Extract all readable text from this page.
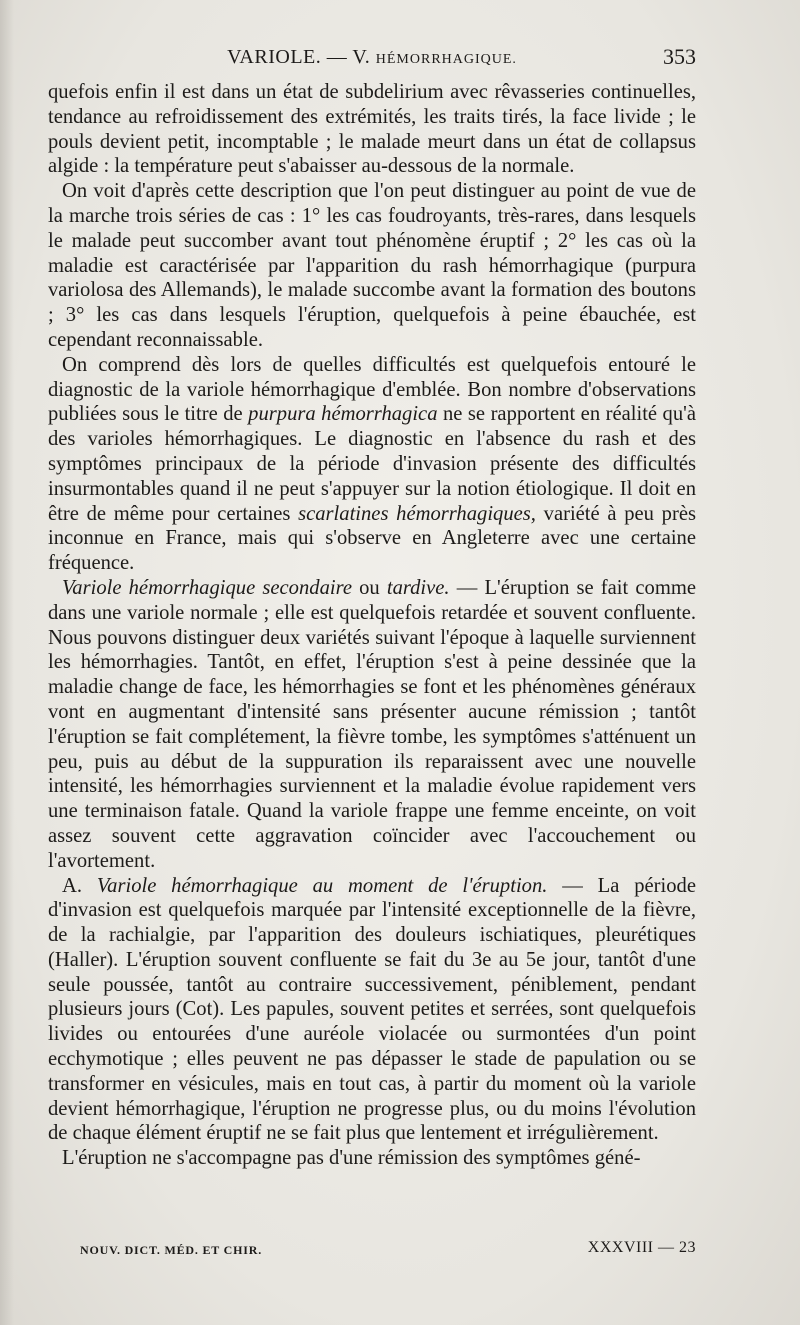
VARIOLE. — V. HÉMORRHAGIQUE.	353

quefois enfin il est dans un état de subdelirium avec rêvasseries continuelles, tendance au refroidissement des extrémités, les traits tirés, la face livide ; le pouls devient petit, incomptable ; le malade meurt dans un état de collapsus algide : la température peut s'abaisser au-dessous de la normale.

On voit d'après cette description que l'on peut distinguer au point de vue de la marche trois séries de cas : 1° les cas foudroyants, très-rares, dans lesquels le malade peut succomber avant tout phénomène éruptif ; 2° les cas où la maladie est caractérisée par l'apparition du rash hémorrhagique (purpura variolosa des Allemands), le malade succombe avant la formation des boutons ; 3° les cas dans lesquels l'éruption, quelquefois à peine ébauchée, est cependant reconnaissable.

On comprend dès lors de quelles difficultés est quelquefois entouré le diagnostic de la variole hémorrhagique d'emblée. Bon nombre d'observations publiées sous le titre de purpura hémorrhagica ne se rapportent en réalité qu'à des varioles hémorrhagiques. Le diagnostic en l'absence du rash et des symptômes principaux de la période d'invasion présente des difficultés insurmontables quand il ne peut s'appuyer sur la notion étiologique. Il doit en être de même pour certaines scarlatines hémorrhagiques, variété à peu près inconnue en France, mais qui s'observe en Angleterre avec une certaine fréquence.

Variole hémorrhagique secondaire ou tardive. — L'éruption se fait comme dans une variole normale ; elle est quelquefois retardée et souvent confluente. Nous pouvons distinguer deux variétés suivant l'époque à laquelle surviennent les hémorrhagies. Tantôt, en effet, l'éruption s'est à peine dessinée que la maladie change de face, les hémorrhagies se font et les phénomènes généraux vont en augmentant d'intensité sans présenter aucune rémission ; tantôt l'éruption se fait complétement, la fièvre tombe, les symptômes s'atténuent un peu, puis au début de la suppuration ils reparaissent avec une nouvelle intensité, les hémorrhagies surviennent et la maladie évolue rapidement vers une terminaison fatale. Quand la variole frappe une femme enceinte, on voit assez souvent cette aggravation coïncider avec l'accouchement ou l'avortement.

A. Variole hémorrhagique au moment de l'éruption. — La période d'invasion est quelquefois marquée par l'intensité exceptionnelle de la fièvre, de la rachialgie, par l'apparition des douleurs ischiatiques, pleurétiques (Haller). L'éruption souvent confluente se fait du 3e au 5e jour, tantôt d'une seule poussée, tantôt au contraire successivement, péniblement, pendant plusieurs jours (Cot). Les papules, souvent petites et serrées, sont quelquefois livides ou entourées d'une auréole violacée ou surmontées d'un point ecchymotique ; elles peuvent ne pas dépasser le stade de papulation ou se transformer en vésicules, mais en tout cas, à partir du moment où la variole devient hémorrhagique, l'éruption ne progresse plus, ou du moins l'évolution de chaque élément éruptif ne se fait plus que lentement et irrégulièrement.

L'éruption ne s'accompagne pas d'une rémission des symptômes géné-

NOUV. DICT. MÉD. ET CHIR.	XXXVIII — 23
